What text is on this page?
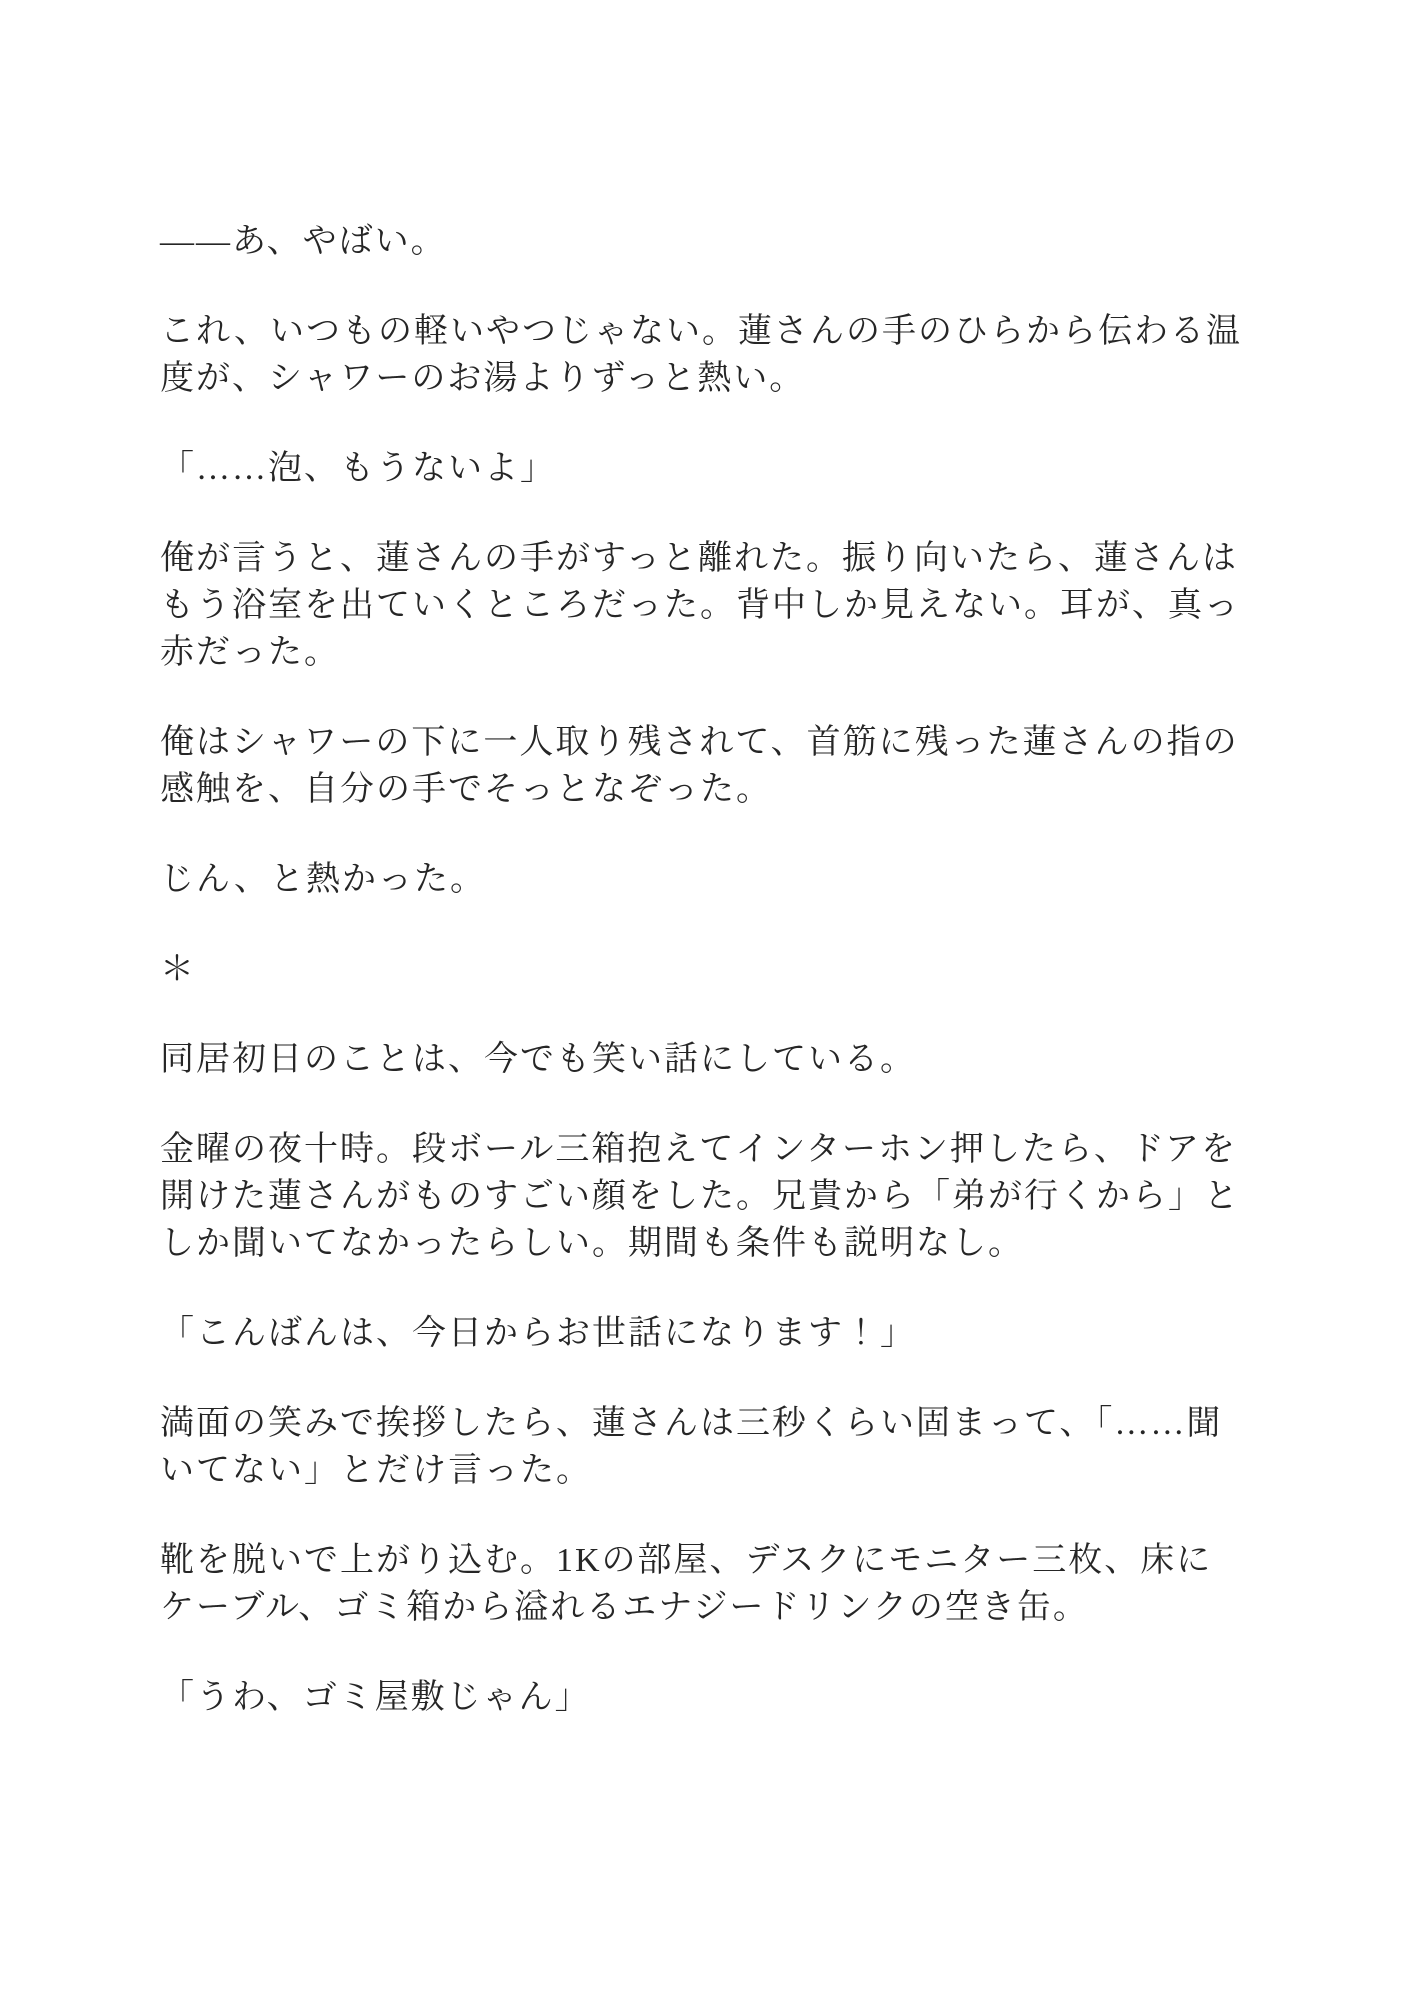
——あ、やばい。

これ、いつもの軽いやつじゃない。蓮さんの手のひらから伝わる温
度が、シャワーのお湯よりずっと熱い。

「……泡、もうないよ」

俺が言うと、蓮さんの手がすっと離れた。振り向いたら、蓮さんは
もう浴室を出ていくところだった。背中しか見えない。耳が、真っ
赤だった。

俺はシャワーの下に一人取り残されて、首筋に残った蓮さんの指の
感触を、自分の手でそっとなぞった。

じん、と熱かった。

＊

同居初日のことは、今でも笑い話にしている。

金曜の夜十時。段ボール三箱抱えてインターホン押したら、ドアを
開けた蓮さんがものすごい顔をした。兄貴から「弟が行くから」と
しか聞いてなかったらしい。期間も条件も説明なし。

「こんばんは、今日からお世話になります！」

満面の笑みで挨拶したら、蓮さんは三秒くらい固まって、「……聞
いてない」とだけ言った。

靴を脱いで上がり込む。1Kの部屋、デスクにモニター三枚、床に
ケーブル、ゴミ箱から溢れるエナジードリンクの空き缶。

「うわ、ゴミ屋敷じゃん」
